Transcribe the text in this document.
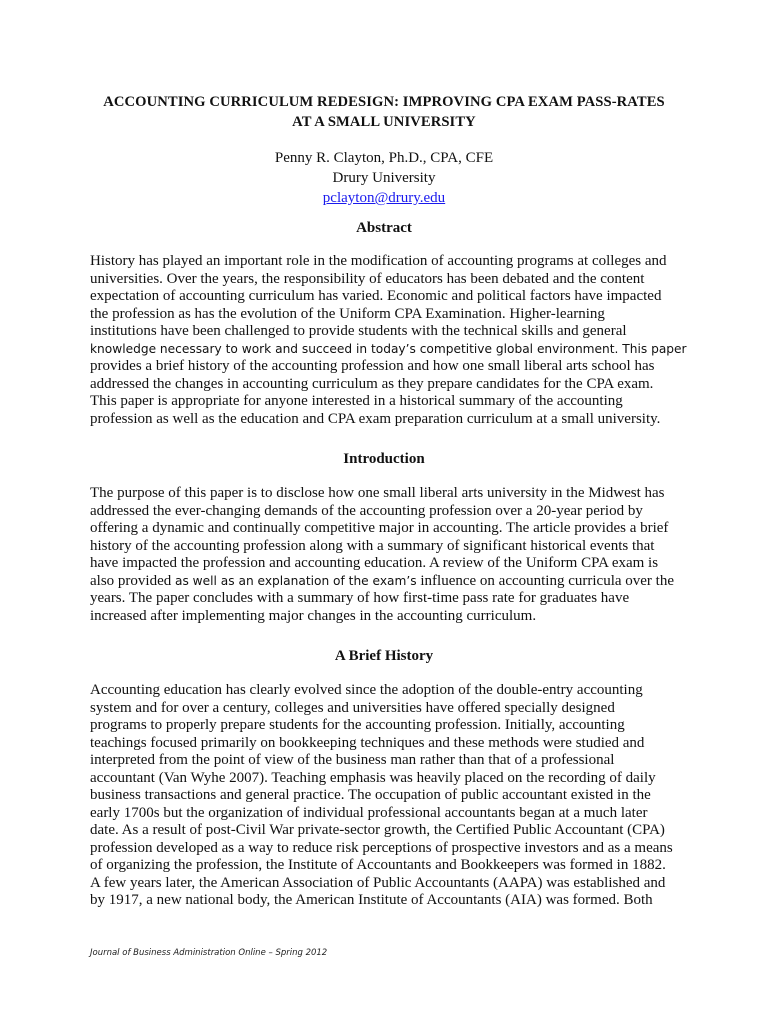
ACCOUNTING CURRICULUM REDESIGN: IMPROVING CPA EXAM PASS-RATES
AT A SMALL UNIVERSITY
Penny R. Clayton, Ph.D., CPA, CFE
Drury University
pclayton@drury.edu
Abstract
History has played an important role in the modification of accounting programs at colleges and
universities. Over the years, the responsibility of educators has been debated and the content
expectation of accounting curriculum has varied. Economic and political factors have impacted
the profession as has the evolution of the Uniform CPA Examination. Higher-learning
institutions have been challenged to provide students with the technical skills and general
knowledge necessary to work and succeed in today’s competitive global environment. This paper
provides a brief history of the accounting profession and how one small liberal arts school has
addressed the changes in accounting curriculum as they prepare candidates for the CPA exam.
This paper is appropriate for anyone interested in a historical summary of the accounting
profession as well as the education and CPA exam preparation curriculum at a small university.
Introduction
The purpose of this paper is to disclose how one small liberal arts university in the Midwest has
addressed the ever-changing demands of the accounting profession over a 20-year period by
offering a dynamic and continually competitive major in accounting. The article provides a brief
history of the accounting profession along with a summary of significant historical events that
have impacted the profession and accounting education. A review of the Uniform CPA exam is
also provided as well as an explanation of the exam’s influence on accounting curricula over the
years. The paper concludes with a summary of how first-time pass rate for graduates have
increased after implementing major changes in the accounting curriculum.
A Brief History
Accounting education has clearly evolved since the adoption of the double-entry accounting
system and for over a century, colleges and universities have offered specially designed
programs to properly prepare students for the accounting profession. Initially, accounting
teachings focused primarily on bookkeeping techniques and these methods were studied and
interpreted from the point of view of the business man rather than that of a professional
accountant (Van Wyhe 2007). Teaching emphasis was heavily placed on the recording of daily
business transactions and general practice. The occupation of public accountant existed in the
early 1700s but the organization of individual professional accountants began at a much later
date. As a result of post-Civil War private-sector growth, the Certified Public Accountant (CPA)
profession developed as a way to reduce risk perceptions of prospective investors and as a means
of organizing the profession, the Institute of Accountants and Bookkeepers was formed in 1882.
A few years later, the American Association of Public Accountants (AAPA) was established and
by 1917, a new national body, the American Institute of Accountants (AIA) was formed. Both
Journal of Business Administration Online – Spring 2012
